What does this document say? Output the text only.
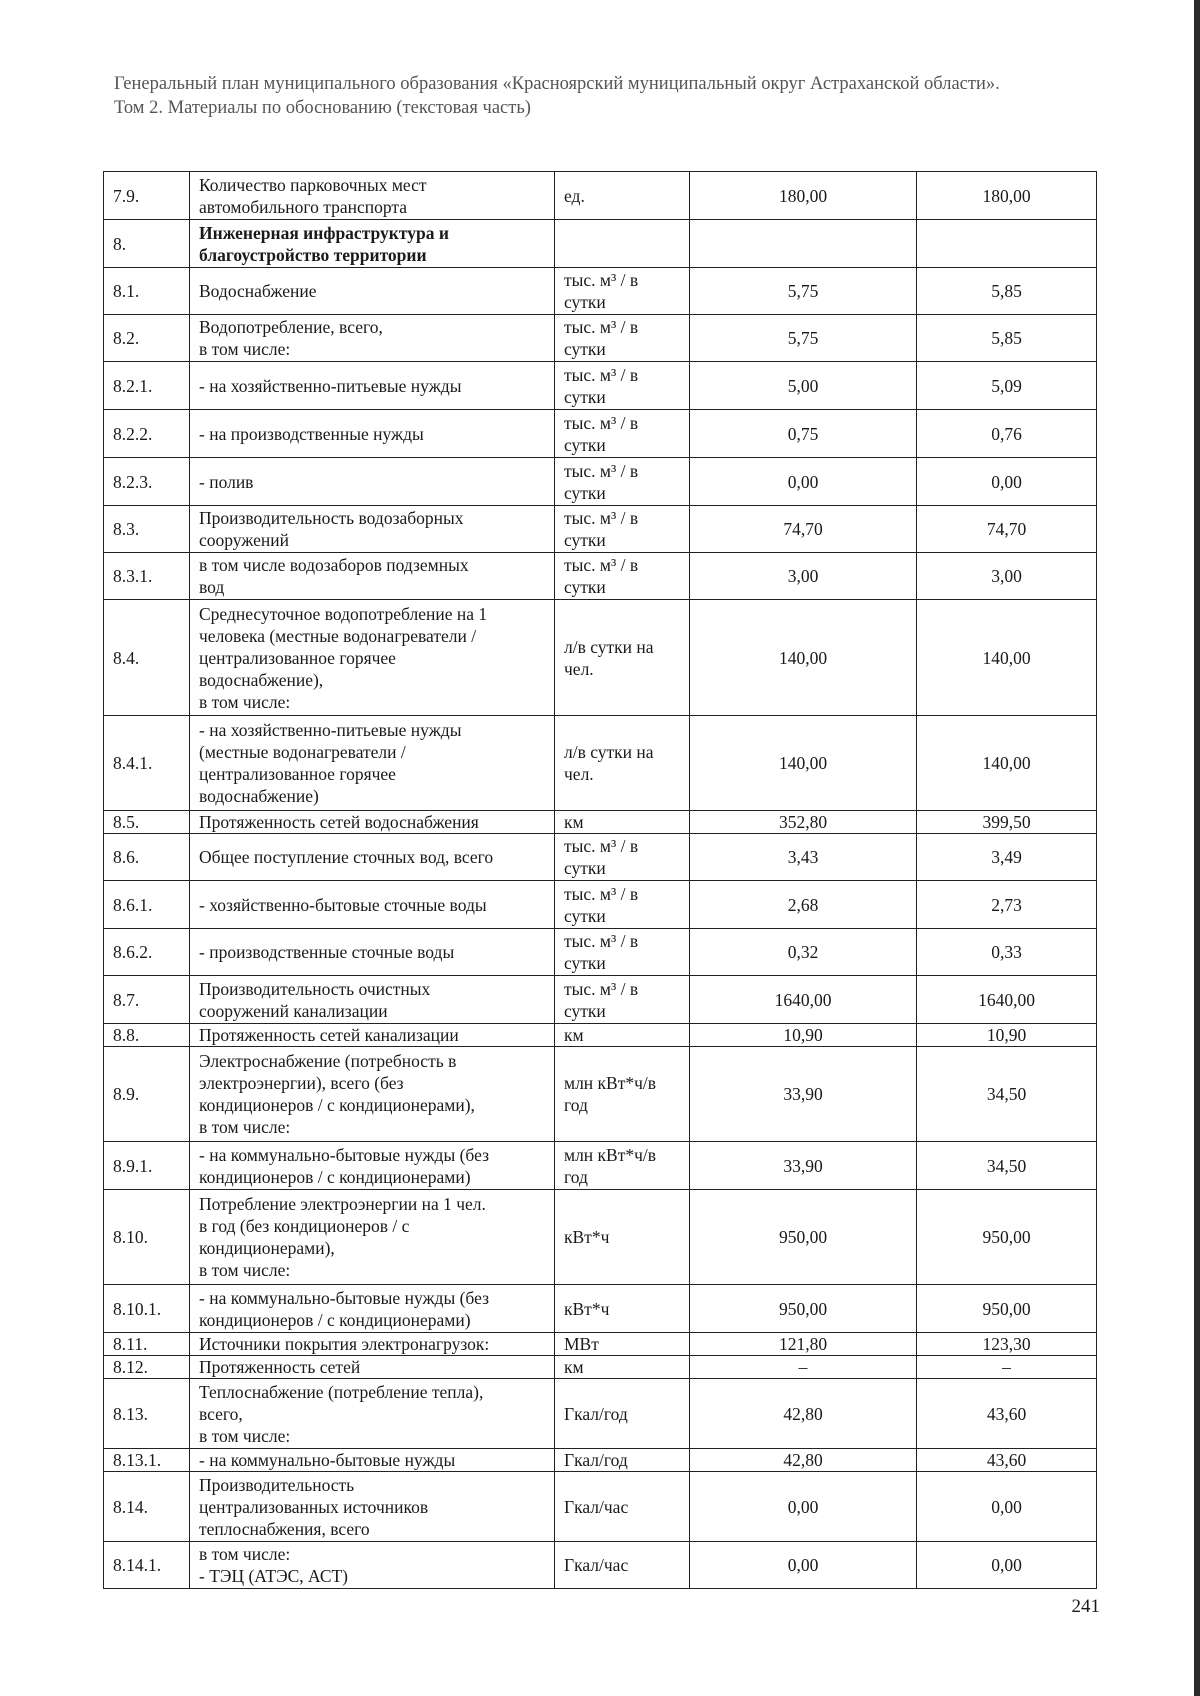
Генеральный план муниципального образования «Красноярский муниципальный округ Астраханской области».
Том 2. Материалы по обоснованию (текстовая часть)
7.9.	Количество парковочных мест
автомобильного транспорта	ед.	180,00	180,00
8.	Инженерная инфраструктура и
благоустройство территории			
8.1.	Водоснабжение	тыс. м³ / в
сутки	5,75	5,85
8.2.	Водопотребление, всего,
в том числе:	тыс. м³ / в
сутки	5,75	5,85
8.2.1.	- на хозяйственно-питьевые нужды	тыс. м³ / в
сутки	5,00	5,09
8.2.2.	- на производственные нужды	тыс. м³ / в
сутки	0,75	0,76
8.2.3.	- полив	тыс. м³ / в
сутки	0,00	0,00
8.3.	Производительность водозаборных
сооружений	тыс. м³ / в
сутки	74,70	74,70
8.3.1.	в том числе водозаборов подземных
вод	тыс. м³ / в
сутки	3,00	3,00
8.4.	Среднесуточное водопотребление на 1
человека (местные водонагреватели /
централизованное горячее
водоснабжение),
в том числе:	л/в сутки на
чел.	140,00	140,00
8.4.1.	- на хозяйственно-питьевые нужды
(местные водонагреватели /
централизованное горячее
водоснабжение)	л/в сутки на
чел.	140,00	140,00
8.5.	Протяженность сетей водоснабжения	км	352,80	399,50
8.6.	Общее поступление сточных вод, всего	тыс. м³ / в
сутки	3,43	3,49
8.6.1.	- хозяйственно-бытовые сточные воды	тыс. м³ / в
сутки	2,68	2,73
8.6.2.	- производственные сточные воды	тыс. м³ / в
сутки	0,32	0,33
8.7.	Производительность очистных
сооружений канализации	тыс. м³ / в
сутки	1640,00	1640,00
8.8.	Протяженность сетей канализации	км	10,90	10,90
8.9.	Электроснабжение (потребность в
электроэнергии), всего (без
кондиционеров / с кондиционерами),
в том числе:	млн кВт*ч/в
год	33,90	34,50
8.9.1.	- на коммунально-бытовые нужды (без
кондиционеров / с кондиционерами)	млн кВт*ч/в
год	33,90	34,50
8.10.	Потребление электроэнергии на 1 чел.
в год (без кондиционеров / с
кондиционерами),
в том числе:	кВт*ч	950,00	950,00
8.10.1.	- на коммунально-бытовые нужды (без
кондиционеров / с кондиционерами)	кВт*ч	950,00	950,00
8.11.	Источники покрытия электронагрузок:	МВт	121,80	123,30
8.12.	Протяженность сетей	км	–	–
8.13.	Теплоснабжение (потребление тепла),
всего,
в том числе:	Гкал/год	42,80	43,60
8.13.1.	- на коммунально-бытовые нужды	Гкал/год	42,80	43,60
8.14.	Производительность
централизованных источников
теплоснабжения, всего	Гкал/час	0,00	0,00
8.14.1.	в том числе:
- ТЭЦ (АТЭС, АСТ)	Гкал/час	0,00	0,00
241
